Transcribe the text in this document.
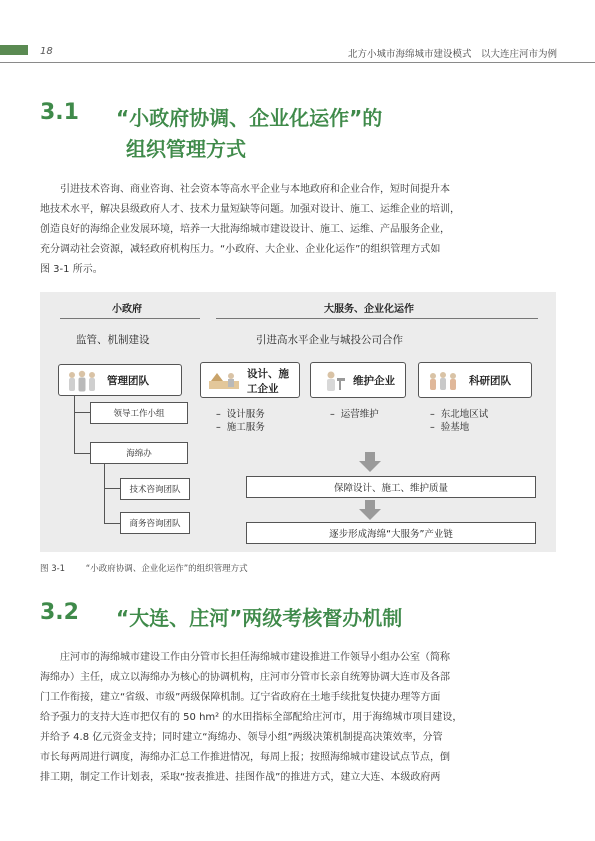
18	北方小城市海绵城市建设模式　以大连庄河市为例
3.1 “小政府协调、企业化运作”的
组织管理方式
引进技术咨询、商业咨询、社会资本等高水平企业与本地政府和企业合作，短时间提升本
地技术水平，解决县级政府人才、技术力量短缺等问题。加强对设计、施工、运维企业的培训，
创造良好的海绵企业发展环境，培养一大批海绵城市建设设计、施工、运维、产品服务企业，
充分调动社会资源，减轻政府机构压力。“小政府、大企业、企业化运作”的组织管理方式如
图 3-1 所示。
小政府	大服务、企业化运作
监管、机制建设	引进高水平企业与城投公司合作
管理团队
领导工作小组
海绵办
技术咨询团队
商务咨询团队
设计、施
工企业
维护企业	科研团队
–  设计服务
–  施工服务
–  运营维护	–  东北地区试
–  验基地
保障设计、施工、维护质量
逐步形成海绵“大服务”产业链
图 3-1 “小政府协调、企业化运作”的组织管理方式
3.2 “大连、庄河”两级考核督办机制
庄河市的海绵城市建设工作由分管市长担任海绵城市建设推进工作领导小组办公室（简称
海绵办）主任，成立以海绵办为核心的协调机构，庄河市分管市长亲自统筹协调大连市及各部
门工作衔接，建立“省级、市级”两级保障机制。辽宁省政府在土地手续批复快捷办理等方面
给予强力的支持大连市把仅有的 50 hm² 的水田指标全部配给庄河市，用于海绵城市项目建设，
并给予 4.8 亿元资金支持；同时建立“海绵办、领导小组”两级决策机制提高决策效率，分管
市长每两周进行调度，海绵办汇总工作推进情况，每周上报；按照海绵城市建设试点节点，倒
排工期，制定工作计划表，采取“按表推进、挂图作战”的推进方式，建立大连、本级政府两
